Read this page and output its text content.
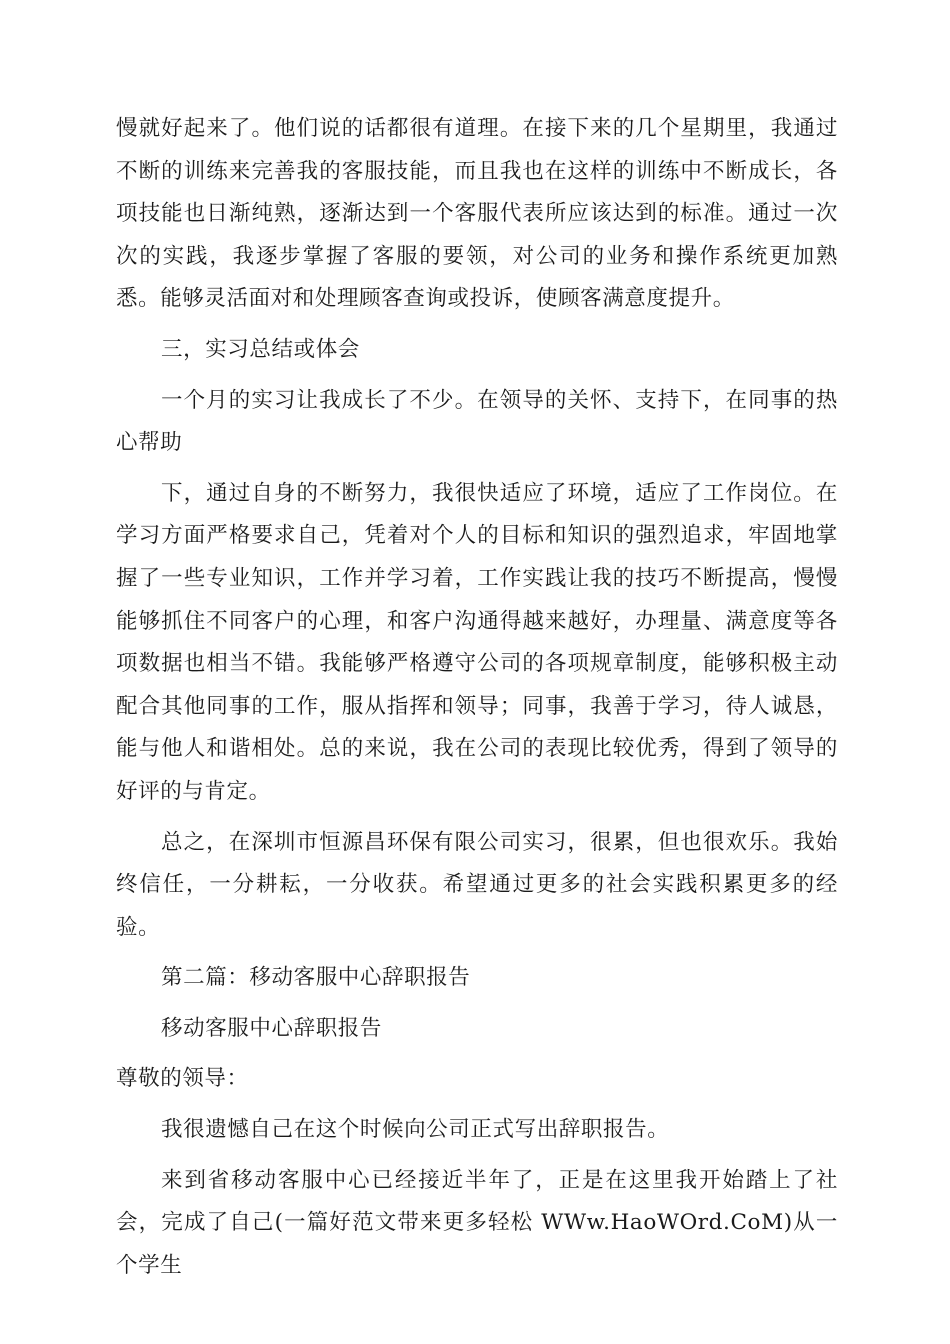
慢就好起来了。他们说的话都很有道理。在接下来的几个星期里，我通过不断的训练来完善我的客服技能，而且我也在这样的训练中不断成长，各项技能也日渐纯熟，逐渐达到一个客服代表所应该达到的标准。通过一次次的实践，我逐步掌握了客服的要领，对公司的业务和操作系统更加熟悉。能够灵活面对和处理顾客查询或投诉，使顾客满意度提升。

三，实习总结或体会

一个月的实习让我成长了不少。在领导的关怀、支持下，在同事的热心帮助

下，通过自身的不断努力，我很快适应了环境，适应了工作岗位。在学习方面严格要求自己，凭着对个人的目标和知识的强烈追求，牢固地掌握了一些专业知识，工作并学习着，工作实践让我的技巧不断提高，慢慢能够抓住不同客户的心理，和客户沟通得越来越好，办理量、满意度等各项数据也相当不错。我能够严格遵守公司的各项规章制度，能够积极主动配合其他同事的工作，服从指挥和领导；同事，我善于学习，待人诚恳，能与他人和谐相处。总的来说，我在公司的表现比较优秀，得到了领导的好评的与肯定。

总之，在深圳市恒源昌环保有限公司实习，很累，但也很欢乐。我始终信任，一分耕耘，一分收获。希望通过更多的社会实践积累更多的经验。

第二篇：移动客服中心辞职报告

移动客服中心辞职报告

尊敬的领导：

我很遗憾自己在这个时候向公司正式写出辞职报告。

来到省移动客服中心已经接近半年了，正是在这里我开始踏上了社会，完成了自己(一篇好范文带来更多轻松 WWw.HaoWOrd.CoM)从一个学生
